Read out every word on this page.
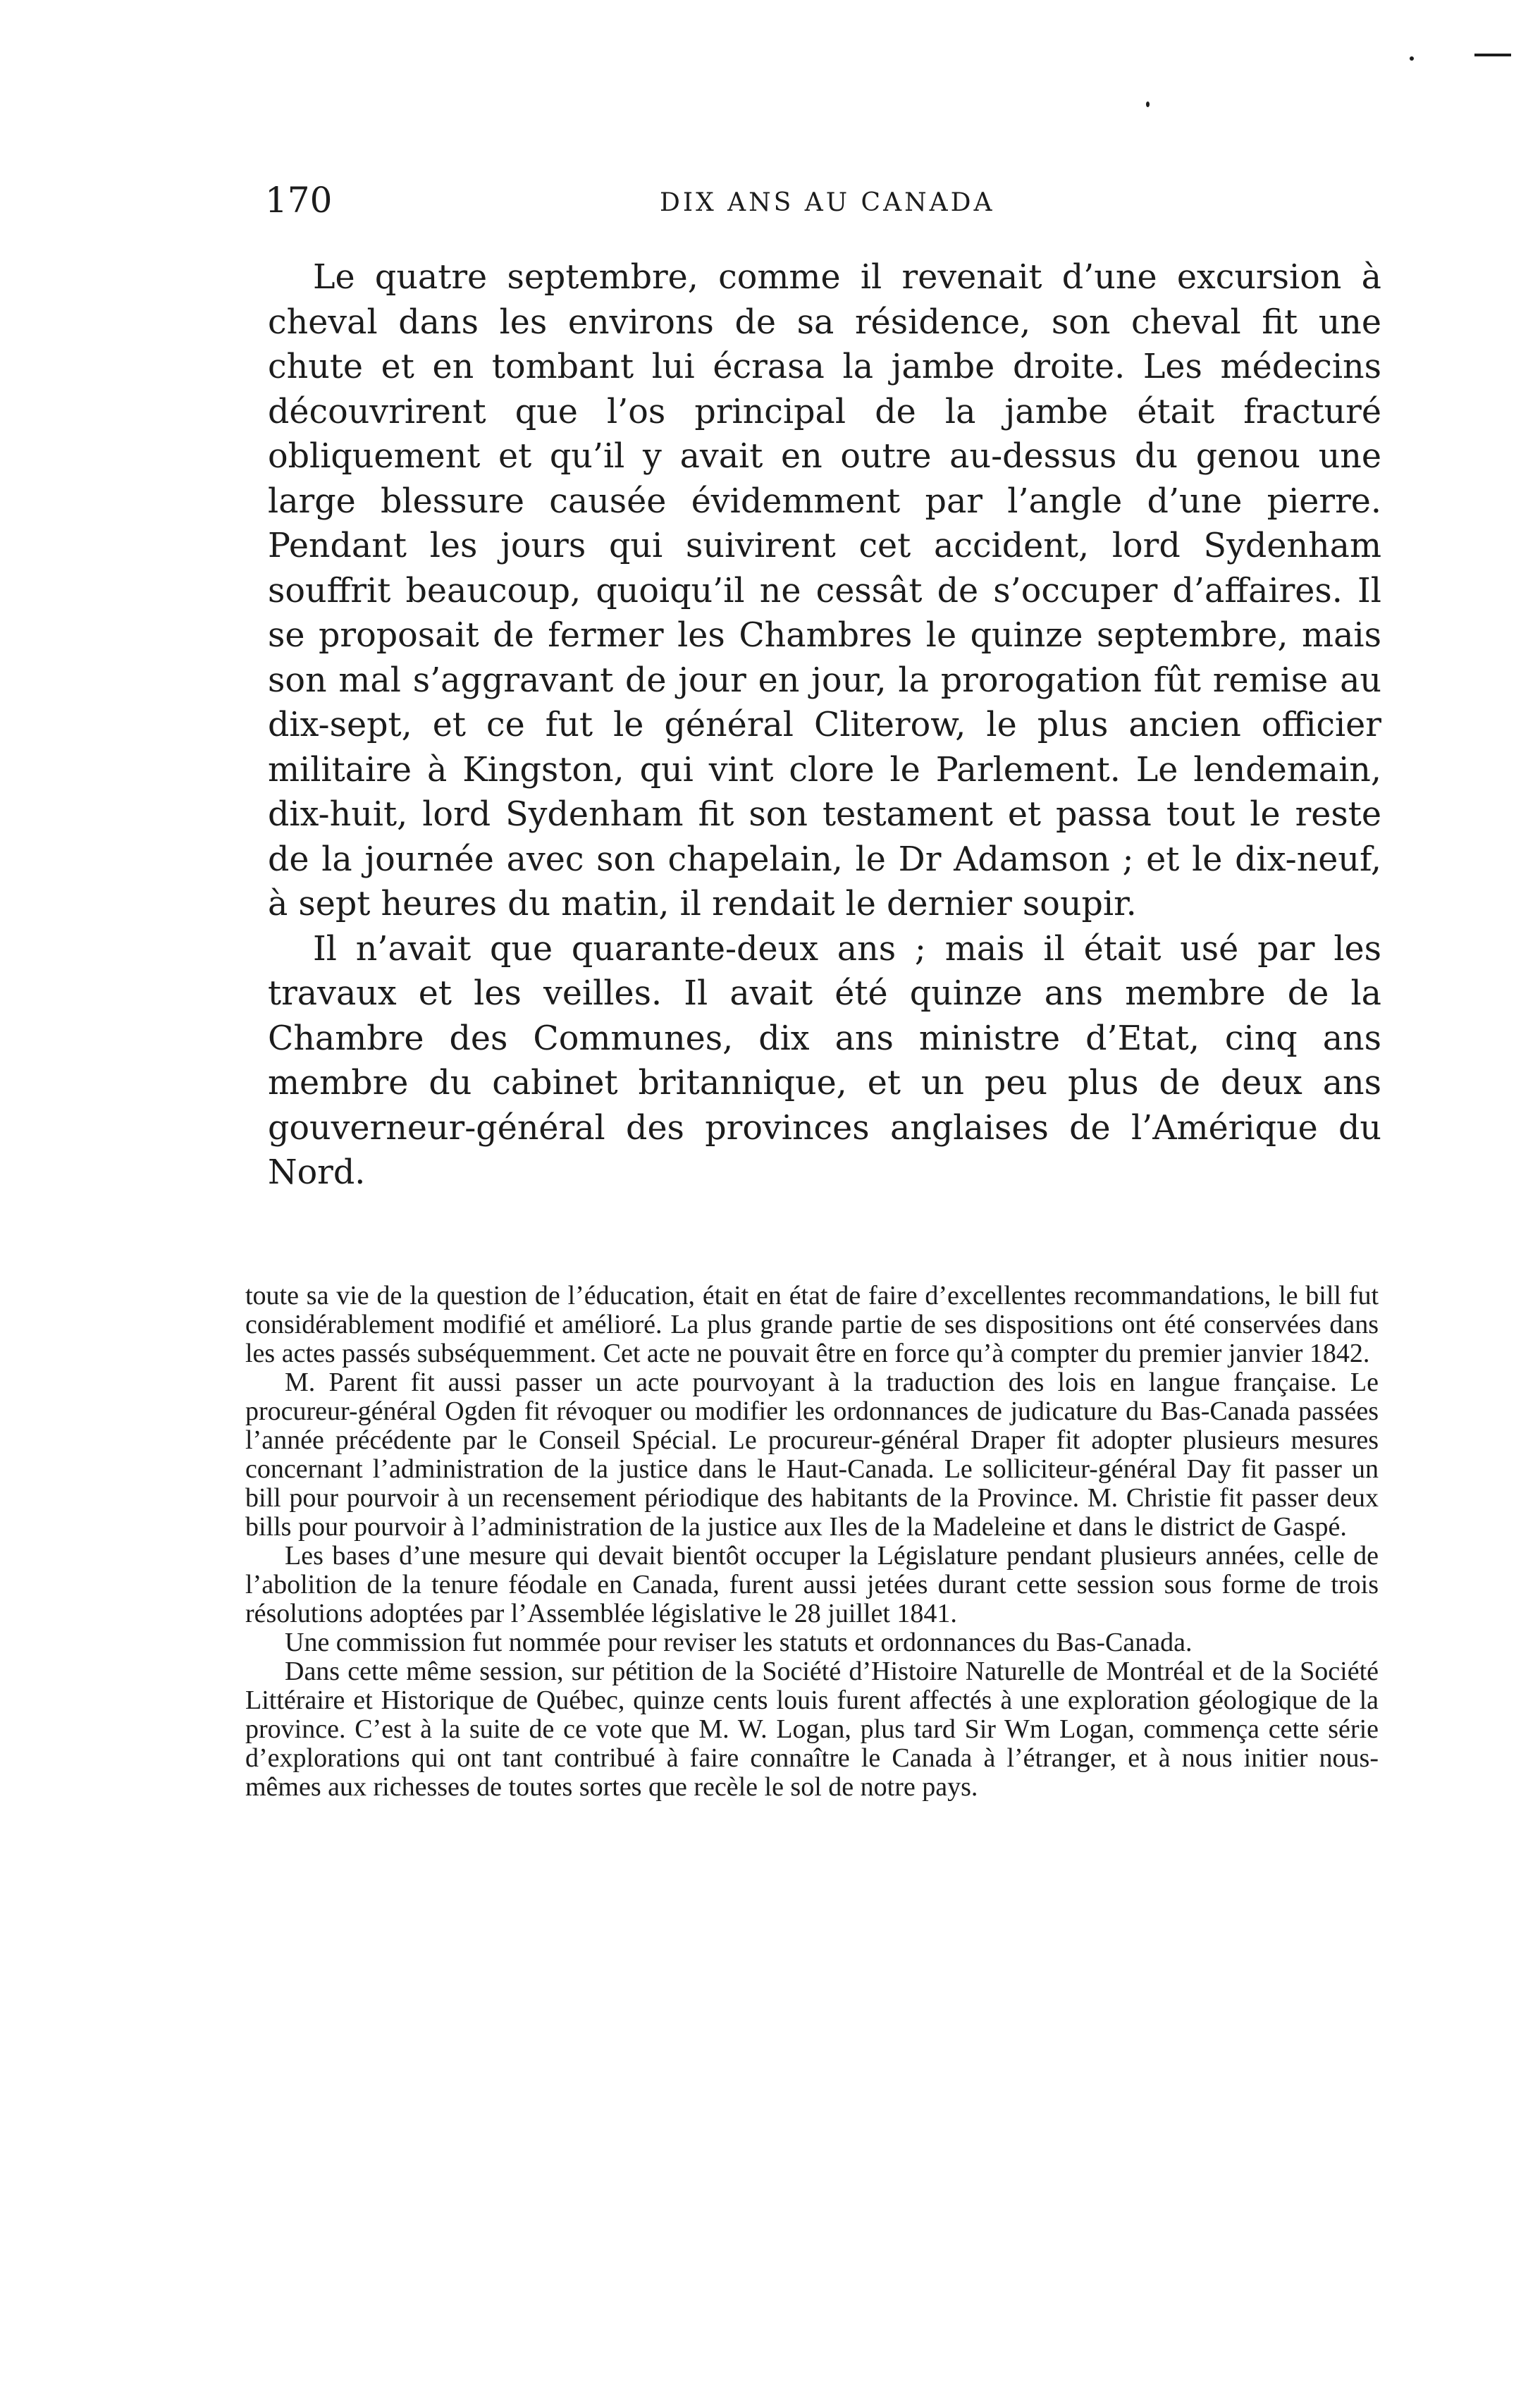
170	DIX ANS AU CANADA

Le quatre septembre, comme il revenait d’une excursion à cheval dans les environs de sa résidence, son cheval fit une chute et en tombant lui écrasa la jambe droite. Les médecins découvrirent que l’os principal de la jambe était fracturé obliquement et qu’il y avait en outre au-dessus du genou une large blessure causée évidemment par l’angle d’une pierre. Pendant les jours qui suivirent cet accident, lord Sydenham souffrit beaucoup, quoiqu’il ne cessât de s’occuper d’affaires. Il se proposait de fermer les Chambres le quinze septembre, mais son mal s’aggravant de jour en jour, la prorogation fût remise au dix-sept, et ce fut le général Cliterow, le plus ancien officier militaire à Kingston, qui vint clore le Parlement. Le lendemain, dix-huit, lord Sydenham fit son testament et passa tout le reste de la journée avec son chapelain, le Dr Adamson ; et le dix-neuf, à sept heures du matin, il rendait le dernier soupir.

Il n’avait que quarante-deux ans ; mais il était usé par les travaux et les veilles. Il avait été quinze ans membre de la Chambre des Communes, dix ans ministre d’Etat, cinq ans membre du cabinet britannique, et un peu plus de deux ans gouverneur-général des provinces anglaises de l’Amérique du Nord.

toute sa vie de la question de l’éducation, était en état de faire d’excellentes recommandations, le bill fut considérablement modifié et amélioré. La plus grande partie de ses dispositions ont été conservées dans les actes passés subséquemment. Cet acte ne pouvait être en force qu’à compter du premier janvier 1842.

M. Parent fit aussi passer un acte pourvoyant à la traduction des lois en langue française. Le procureur-général Ogden fit révoquer ou modifier les ordonnances de judicature du Bas-Canada passées l’année précédente par le Conseil Spécial. Le procureur-général Draper fit adopter plusieurs mesures concernant l’administration de la justice dans le Haut-Canada. Le solliciteur-général Day fit passer un bill pour pourvoir à un recensement périodique des habitants de la Province. M. Christie fit passer deux bills pour pourvoir à l’administration de la justice aux Iles de la Madeleine et dans le district de Gaspé.

Les bases d’une mesure qui devait bientôt occuper la Législature pendant plusieurs années, celle de l’abolition de la tenure féodale en Canada, furent aussi jetées durant cette session sous forme de trois résolutions adoptées par l’Assemblée législative le 28 juillet 1841.

Une commission fut nommée pour reviser les statuts et ordonnances du Bas-Canada.

Dans cette même session, sur pétition de la Société d’Histoire Naturelle de Montréal et de la Société Littéraire et Historique de Québec, quinze cents louis furent affectés à une exploration géologique de la province. C’est à la suite de ce vote que M. W. Logan, plus tard Sir Wm Logan, commença cette série d’explorations qui ont tant contribué à faire connaître le Canada à l’étranger, et à nous initier nous-mêmes aux richesses de toutes sortes que recèle le sol de notre pays.
